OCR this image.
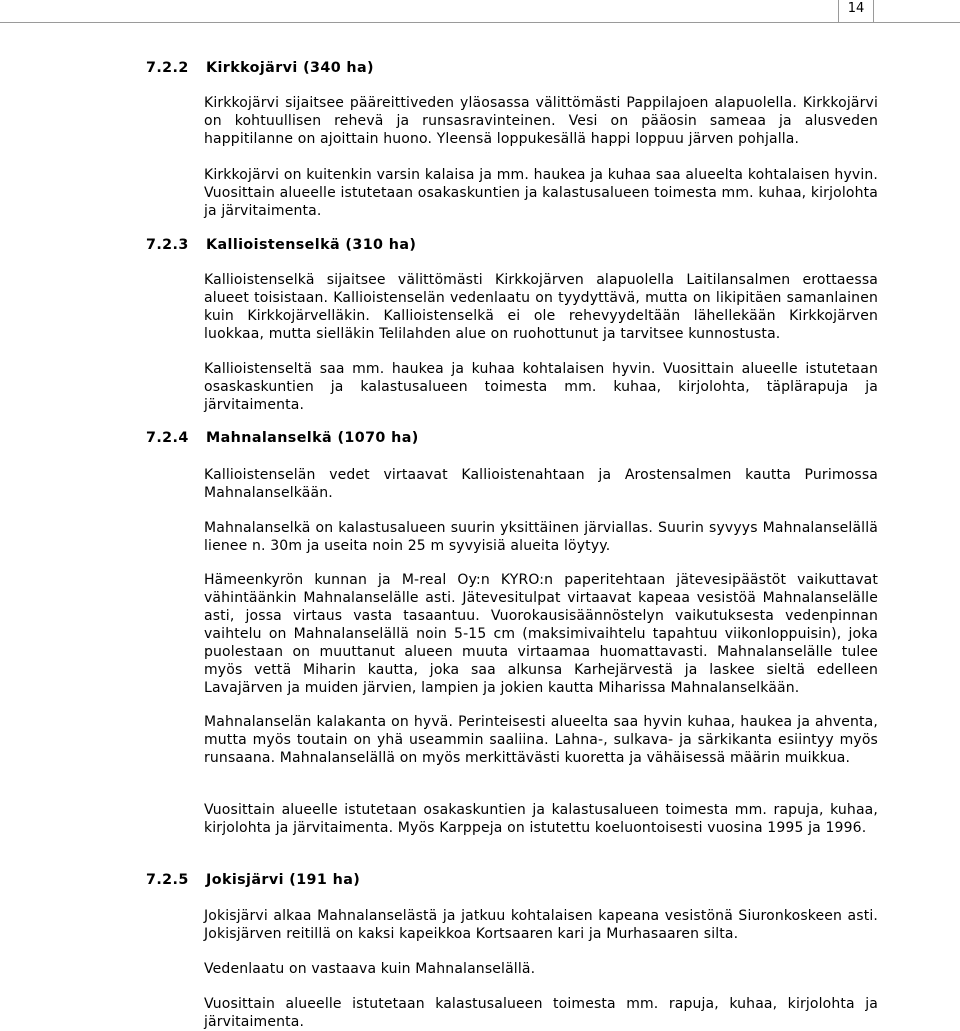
14
7.2.2 Kirkkojärvi (340 ha)

Kirkkojärvi sijaitsee pääreittiveden yläosassa välittömästi Pappilajoen alapuolella. Kirkkojärvi on kohtuullisen rehevä ja runsasravinteinen. Vesi on pääosin sameaa ja alusveden happitilanne on ajoittain huono. Yleensä loppukesällä happi loppuu järven pohjalla.

Kirkkojärvi on kuitenkin varsin kalaisa ja mm. haukea ja kuhaa saa alueelta kohtalaisen hyvin. Vuosittain alueelle istutetaan osakaskuntien ja kalastusalueen toimesta mm. kuhaa, kirjolohta ja järvitaimenta.

7.2.3 Kallioistenselkä (310 ha)

Kallioistenselkä sijaitsee välittömästi Kirkkojärven alapuolella Laitilansalmen erottaessa alueet toisistaan. Kallioistenselän vedenlaatu on tyydyttävä, mutta on likipitäen samanlainen kuin Kirkkojärvelläkin. Kallioistenselkä ei ole rehevyydeltään lähellekään Kirkkojärven luokkaa, mutta sielläkin Telilahden alue on ruohottunut ja tarvitsee kunnostusta.

Kallioistenseltä saa mm. haukea ja kuhaa kohtalaisen hyvin. Vuosittain alueelle istutetaan osaskaskuntien ja kalastusalueen toimesta mm. kuhaa, kirjolohta, täplärapuja ja järvitaimenta.

7.2.4 Mahnalanselkä (1070 ha)

Kallioistenselän vedet virtaavat Kallioistenahtaan ja Arostensalmen kautta Purimossa Mahnalanselkään.

Mahnalanselkä on kalastusalueen suurin yksittäinen järviallas. Suurin syvyys Mahnalanselällä lienee n. 30m ja useita noin 25 m syvyisiä alueita löytyy.

Hämeenkyrön kunnan ja M-real Oy:n KYRO:n paperitehtaan jätevesipäästöt vaikuttavat vähintäänkin Mahnalanselälle asti. Jätevesitulpat virtaavat kapeaa vesistöä Mahnalanselälle asti, jossa virtaus vasta tasaantuu. Vuorokausisäännöstelyn vaikutuksesta vedenpinnan vaihtelu on Mahnalanselällä noin 5-15 cm (maksimivaihtelu tapahtuu viikonloppuisin), joka puolestaan on muuttanut alueen muuta virtaamaa huomattavasti. Mahnalanselälle tulee myös vettä Miharin kautta, joka saa alkunsa Karhejärvestä ja laskee sieltä edelleen Lavajärven ja muiden järvien, lampien ja jokien kautta Miharissa Mahnalanselkään.

Mahnalanselän kalakanta on hyvä. Perinteisesti alueelta saa hyvin kuhaa, haukea ja ahventa, mutta myös toutain on yhä useammin saaliina. Lahna-, sulkava- ja särkikanta esiintyy myös runsaana. Mahnalanselällä on myös merkittävästi kuoretta ja vähäisessä määrin muikkua.

Vuosittain alueelle istutetaan osakaskuntien ja kalastusalueen toimesta mm. rapuja, kuhaa, kirjolohta ja järvitaimenta. Myös Karppeja on istutettu koeluontoisesti vuosina 1995 ja 1996.

7.2.5 Jokisjärvi (191 ha)

Jokisjärvi alkaa Mahnalanselästä ja jatkuu kohtalaisen kapeana vesistönä Siuronkoskeen asti. Jokisjärven reitillä on kaksi kapeikkoa Kortsaaren kari ja Murhasaaren silta.

Vedenlaatu on vastaava kuin Mahnalanselällä.

Vuosittain alueelle istutetaan kalastusalueen toimesta mm. rapuja, kuhaa, kirjolohta ja järvitaimenta.
